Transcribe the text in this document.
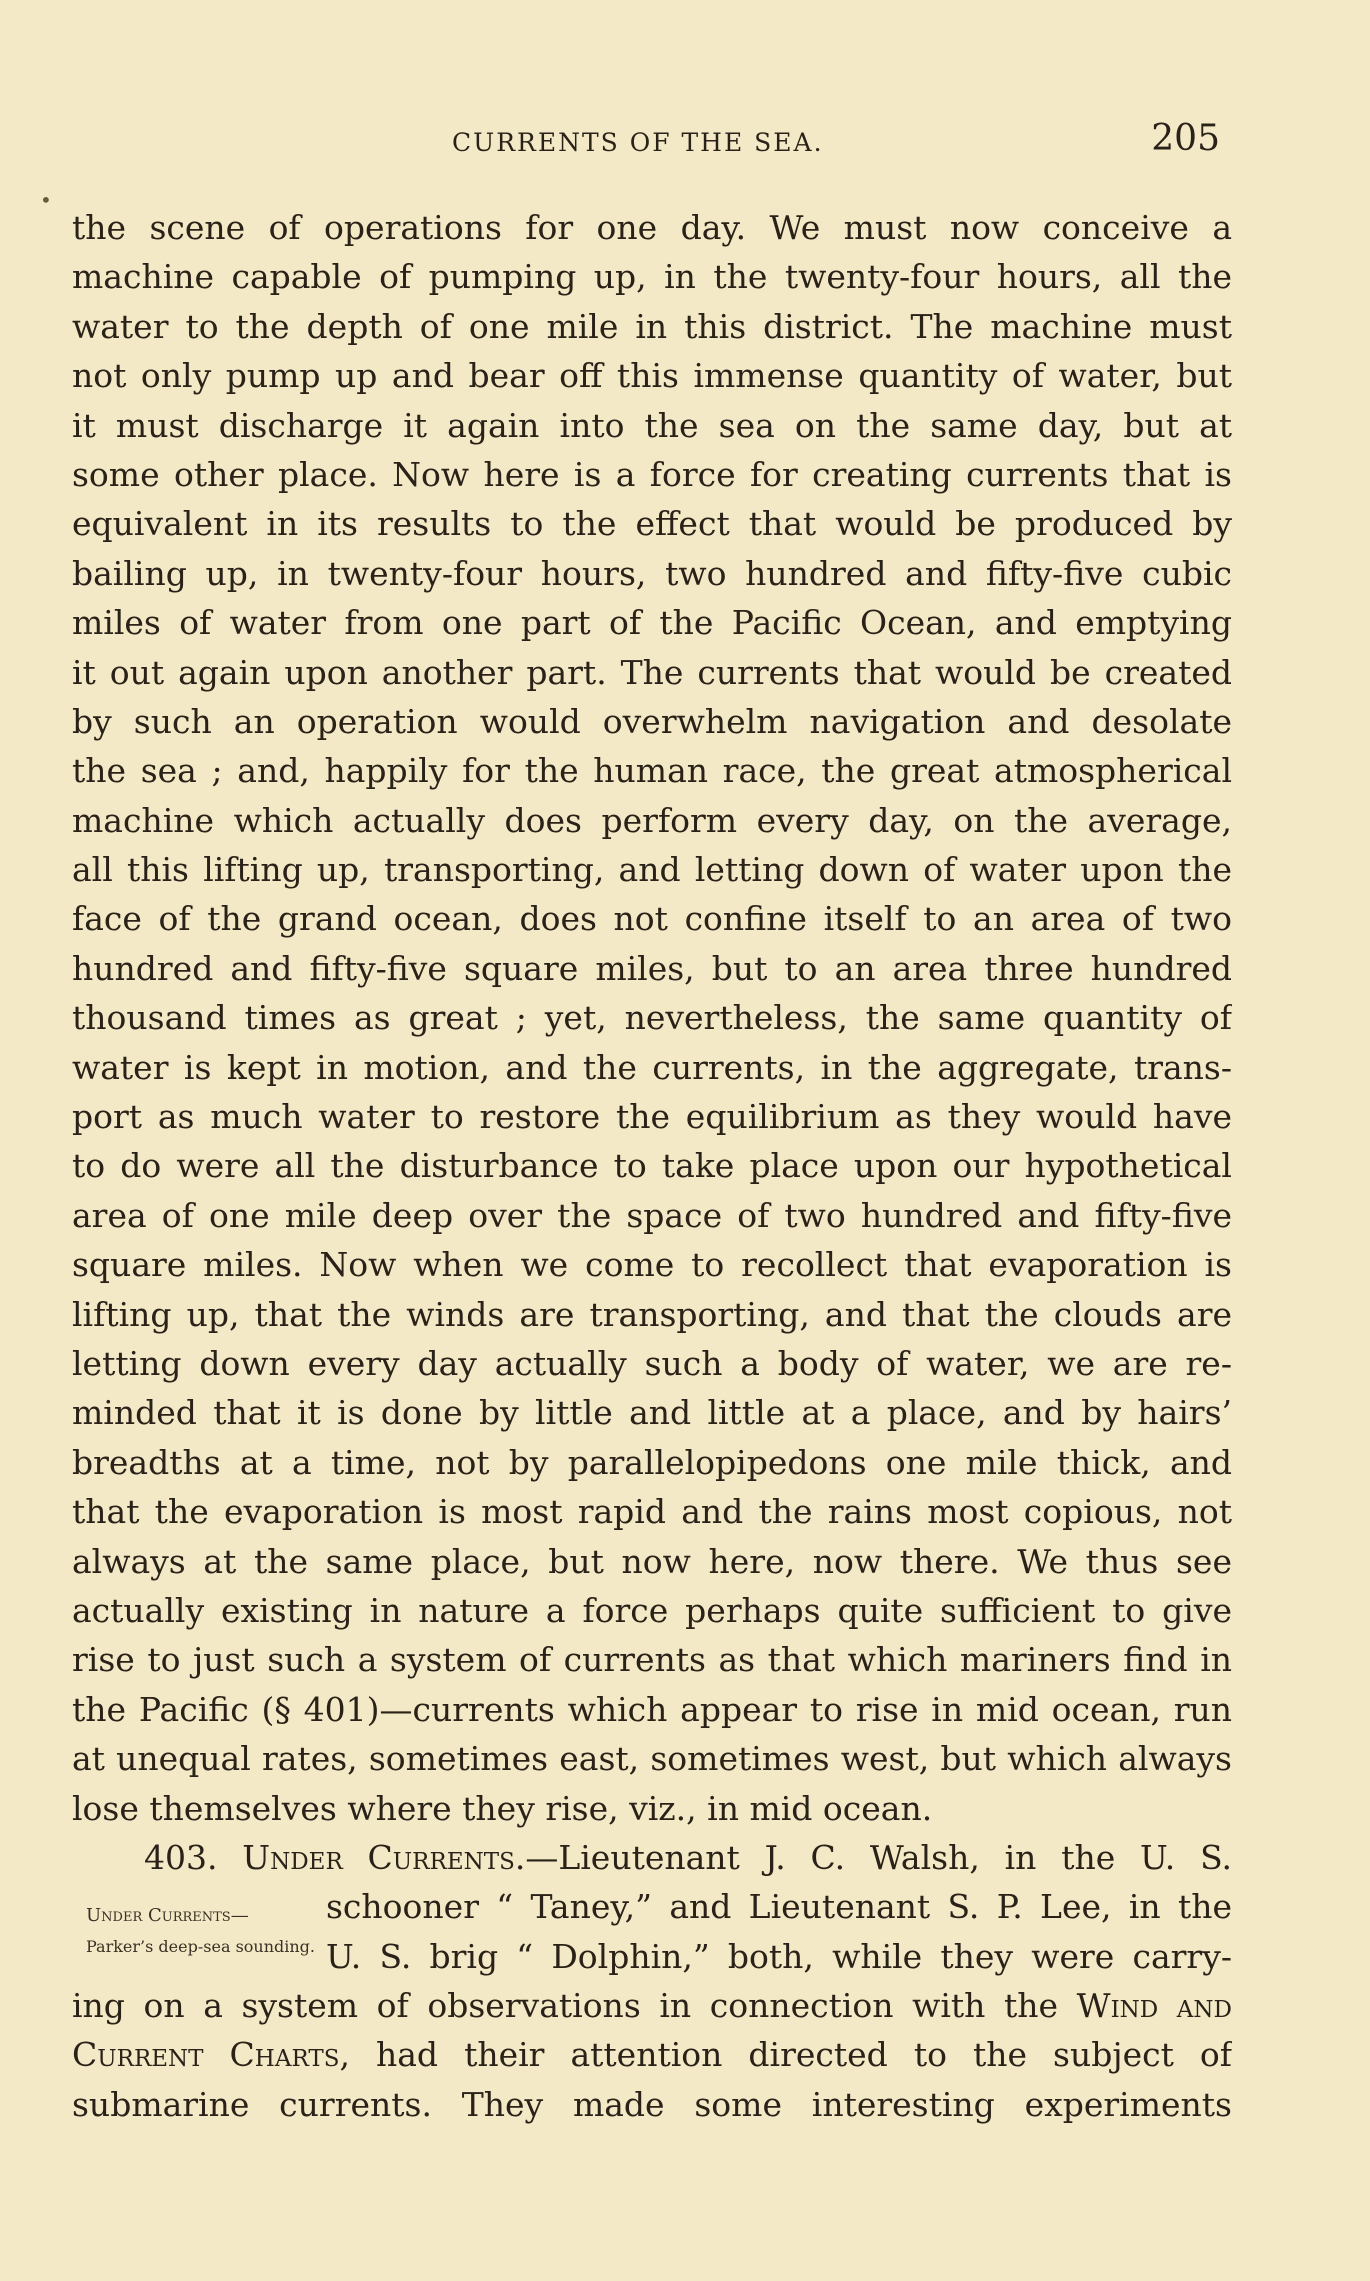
CURRENTS OF THE SEA.	205
•
the scene of operations for one day. We must now conceive a
machine capable of pumping up, in the twenty-four hours, all the
water to the depth of one mile in this district. The machine must
not only pump up and bear off this immense quantity of water, but
it must discharge it again into the sea on the same day, but at
some other place. Now here is a force for creating currents that is
equivalent in its results to the effect that would be produced by
bailing up, in twenty-four hours, two hundred and fifty-five cubic
miles of water from one part of the Pacific Ocean, and emptying
it out again upon another part. The currents that would be created
by such an operation would overwhelm navigation and desolate
the sea ; and, happily for the human race, the great atmospherical
machine which actually does perform every day, on the average,
all this lifting up, transporting, and letting down of water upon the
face of the grand ocean, does not confine itself to an area of two
hundred and fifty-five square miles, but to an area three hundred
thousand times as great ; yet, nevertheless, the same quantity of
water is kept in motion, and the currents, in the aggregate, trans-
port as much water to restore the equilibrium as they would have
to do were all the disturbance to take place upon our hypothetical
area of one mile deep over the space of two hundred and fifty-five
square miles. Now when we come to recollect that evaporation is
lifting up, that the winds are transporting, and that the clouds are
letting down every day actually such a body of water, we are re-
minded that it is done by little and little at a place, and by hairs’
breadths at a time, not by parallelopipedons one mile thick, and
that the evaporation is most rapid and the rains most copious, not
always at the same place, but now here, now there. We thus see
actually existing in nature a force perhaps quite sufficient to give
rise to just such a system of currents as that which mariners find in
the Pacific (§ 401)—currents which appear to rise in mid ocean, run
at unequal rates, sometimes east, sometimes west, but which always
lose themselves where they rise, viz., in mid ocean.
403. Under Currents.—Lieutenant J. C. Walsh, in the U. S.
schooner “ Taney,” and Lieutenant S. P. Lee, in the
U. S. brig “ Dolphin,” both, while they were carry-
ing on a system of observations in connection with the Wind and
Current Charts, had their attention directed to the subject of
submarine currents. They made some interesting experiments
Under Currents—
Parker’s deep-sea sounding.
